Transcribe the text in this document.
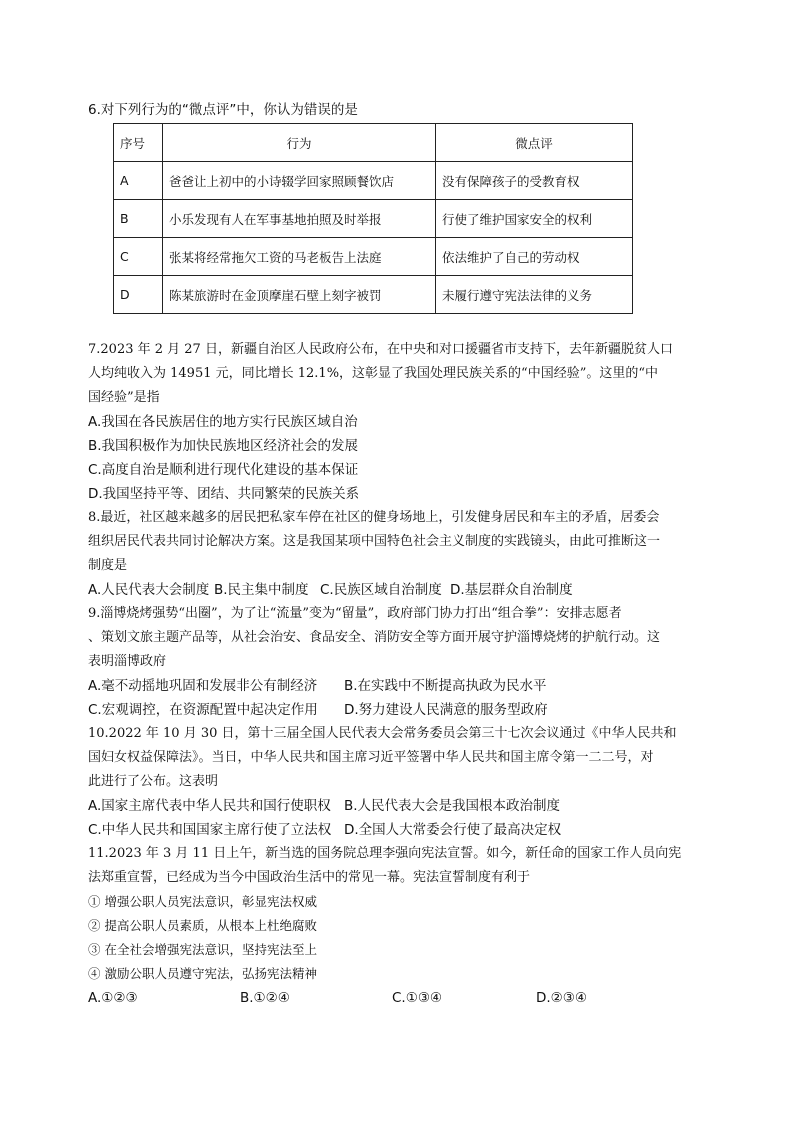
6.对下列行为的“微点评”中，你认为错误的是
序号	行为	微点评
A	爸爸让上初中的小诗辍学回家照顾餐饮店	没有保障孩子的受教育权
B	小乐发现有人在军事基地拍照及时举报	行使了维护国家安全的权利
C	张某将经常拖欠工资的马老板告上法庭	依法维护了自己的劳动权
D	陈某旅游时在金顶摩崖石壁上刻字被罚	未履行遵守宪法法律的义务
7.2023 年 2 月 27 日，新疆自治区人民政府公布，在中央和对口援疆省市支持下，去年新疆脱贫人口
人均纯收入为 14951 元，同比增长 12.1%，这彰显了我国处理民族关系的“中国经验”。这里的“中
国经验”是指
A.我国在各民族居住的地方实行民族区域自治
B.我国积极作为加快民族地区经济社会的发展
C.高度自治是顺利进行现代化建设的基本保证
D.我国坚持平等、团结、共同繁荣的民族关系
8.最近，社区越来越多的居民把私家车停在社区的健身场地上，引发健身居民和车主的矛盾，居委会
组织居民代表共同讨论解决方案。这是我国某项中国特色社会主义制度的实践镜头，由此可推断这一
制度是
A.人民代表大会制度 B.民主集中制度 C.民族区域自治制度 D.基层群众自治制度
9.淄博烧烤强势“出圈”，为了让“流量”变为“留量”，政府部门协力打出“组合拳”：安排志愿者
、策划文旅主题产品等，从社会治安、食品安全、消防安全等方面开展守护淄博烧烤的护航行动。这
表明淄博政府
A.毫不动摇地巩固和发展非公有制经济 B.在实践中不断提高执政为民水平
C.宏观调控，在资源配置中起决定作用 D.努力建设人民满意的服务型政府
10.2022 年 10 月 30 日，第十三届全国人民代表大会常务委员会第三十七次会议通过《中华人民共和
国妇女权益保障法》。当日，中华人民共和国主席习近平签署中华人民共和国主席令第一二二号，对
此进行了公布。这表明
A.国家主席代表中华人民共和国行使职权 B.人民代表大会是我国根本政治制度
C.中华人民共和国国家主席行使了立法权 D.全国人大常委会行使了最高决定权
11.2023 年 3 月 11 日上午，新当选的国务院总理李强向宪法宣誓。如今，新任命的国家工作人员向宪
法郑重宣誓，已经成为当今中国政治生活中的常见一幕。宪法宣誓制度有利于
① 增强公职人员宪法意识，彰显宪法权威
② 提高公职人员素质，从根本上杜绝腐败
③ 在全社会增强宪法意识，坚持宪法至上
④ 激励公职人员遵守宪法，弘扬宪法精神
A.①②③	B.①②④	C.①③④	D.②③④
